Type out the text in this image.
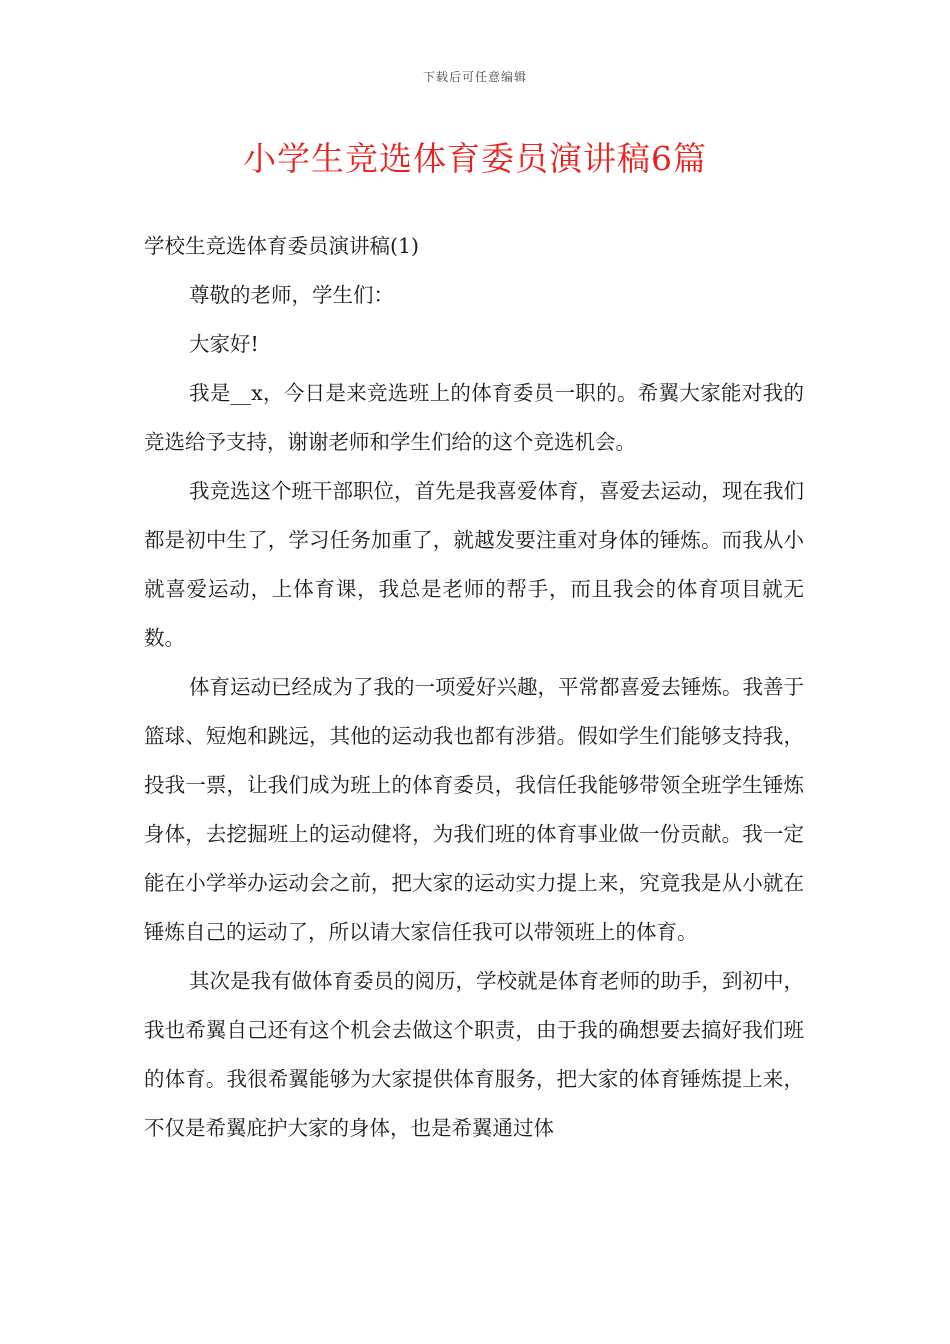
下载后可任意编辑
小学生竞选体育委员演讲稿6篇

学校生竞选体育委员演讲稿(1)

尊敬的老师，学生们：

大家好!

我是__x，今日是来竞选班上的体育委员一职的。希翼大家能对我的竞选给予支持，谢谢老师和学生们给的这个竞选机会。

我竞选这个班干部职位，首先是我喜爱体育，喜爱去运动，现在我们都是初中生了，学习任务加重了，就越发要注重对身体的锤炼。而我从小就喜爱运动，上体育课，我总是老师的帮手，而且我会的体育项目就无数。

体育运动已经成为了我的一项爱好兴趣，平常都喜爱去锤炼。我善于篮球、短炮和跳远，其他的运动我也都有涉猎。假如学生们能够支持我，投我一票，让我们成为班上的体育委员，我信任我能够带领全班学生锤炼身体，去挖掘班上的运动健将，为我们班的体育事业做一份贡献。我一定能在小学举办运动会之前，把大家的运动实力提上来，究竟我是从小就在锤炼自己的运动了，所以请大家信任我可以带领班上的体育。

其次是我有做体育委员的阅历，学校就是体育老师的助手，到初中，我也希翼自己还有这个机会去做这个职责，由于我的确想要去搞好我们班的体育。我很希翼能够为大家提供体育服务，把大家的体育锤炼提上来，不仅是希翼庇护大家的身体，也是希翼通过体
